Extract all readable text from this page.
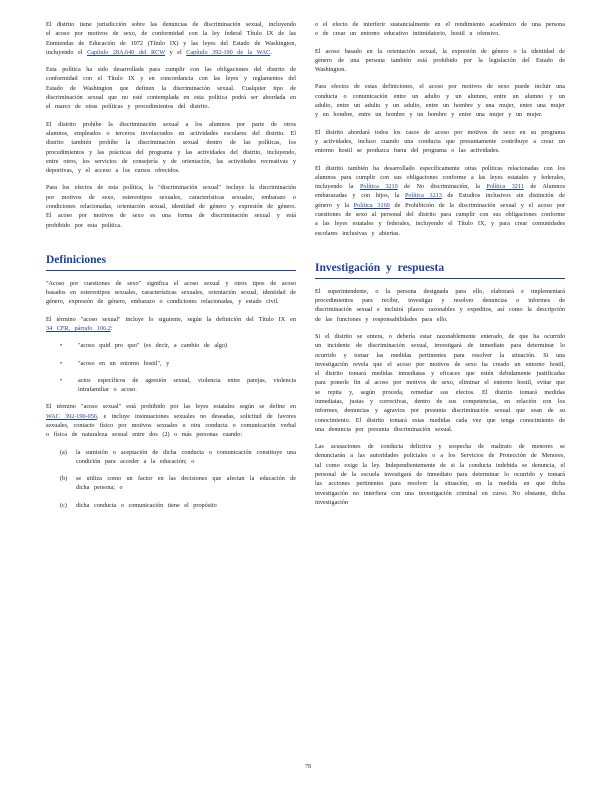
El distrito tiene jurisdicción sobre las denuncias de discriminación sexual, incluyendo el acoso por motivos de sexo, de conformidad con la ley federal Título IX de las Enmiendas de Educación de 1972 (Título IX) y las leyes del Estado de Washington, incluyendo el Capítulo 28A.640 del RCW y el Capítulo 392-190 de la WAC.

Esta política ha sido desarrollada para cumplir con las obligaciones del distrito de conformidad con el Título IX y en concordancia con las leyes y reglamentos del Estado de Washington que definen la discriminación sexual. Cualquier tipo de discriminación sexual que no esté contemplada en esta política podrá ser abordada en el marco de otras políticas y procedimientos del distrito.

El distrito prohíbe la discriminación sexual a los alumnos por parte de otros alumnos, empleados o terceros involucrados en actividades escolares del distrito. El distrito también prohíbe la discriminación sexual dentro de las políticas, los procedimientos y las prácticas del programa y las actividades del distrito, incluyendo, entre otros, los servicios de consejería y de orientación, las actividades recreativas y deportivas, y el acceso a los cursos ofrecidos.

Para los efectos de esta política, la "discriminación sexual" incluye la discriminación por motivos de sexo, estereotipos sexuales, características sexuales, embarazo o condiciones relacionadas, orientación sexual, identidad de género y expresión de género. El acoso por motivos de sexo es una forma de discriminación sexual y está prohibido por esta política.

Definiciones

"Acoso por cuestiones de sexo" significa el acoso sexual y otros tipos de acoso basados en estereotipos sexuales, características sexuales, orientación sexual, identidad de género, expresión de género, embarazo o condiciones relacionadas, y estado civil.

El término "acoso sexual" incluye lo siguiente, según la definición del Título IX en 34 CFR, párrafo 106.2:

•	"acoso quid pro quo" (es decir, a cambio de algo)
•	"acoso en un entorno hostil", y
•	actos específicos de agresión sexual, violencia entre parejas, violencia intrafamiliar o acoso.

El término "acoso sexual" está prohibido por las leyes estatales según se define en WAC 392-190-056, e incluye insinuaciones sexuales no deseadas, solicitud de favores sexuales, contacto físico por motivos sexuales u otra conducta o comunicación verbal o física de naturaleza sexual entre dos (2) o más personas cuando:

(a) la sumisión o aceptación de dicha conducta o comunicación constituye una condición para acceder a la educación; o
(b) se utiliza como un factor en las decisiones que afectan la educación de dicha persona; o
(c) dicha conducta o comunicación tiene el propósito

o el efecto de interferir sustancialmente en el rendimiento académico de una persona o de crear un entorno educativo intimidatorio, hostil u ofensivo.

El acoso basado en la orientación sexual, la expresión de género o la identidad de género de una persona también está prohibido por la legislación del Estado de Washington.

Para efectos de estas definiciones, el acoso por motivos de sexo puede incluir una conducta o comunicación entre un adulto y un alumno, entre un alumno y un adulto, entre un adulto y un adulto, entre un hombre y una mujer, entre una mujer y un hombre, entre un hombre y un hombre y entre una mujer y un mujer.

El distrito abordará todos los casos de acoso por motivos de sexo en su programa y actividades, incluso cuando una conducta que presuntamente contribuye a crear un entorno hostil se produzca fuera del programa o las actividades.

El distrito también ha desarrollado específicamente otras políticas relacionadas con los alumnos para cumplir con sus obligaciones conforme a las leyes estatales y federales, incluyendo la Política 3210 de No discriminación, la Política 3211 de Alumnos embarazadas y con hijos, la Política 3213 de Estudios inclusivos sin distinción de género y la Política 3160 de Prohibición de la discriminación sexual y el acoso por cuestiones de sexo al personal del distrito para cumplir con sus obligaciones conforme a las leyes estatales y federales, incluyendo el Título IX, y para crear comunidades escolares inclusivas y abiertas.

Investigación y respuesta

El superintendente, o la persona designada para ello, elaborará e implementará procedimientos para recibir, investigar y resolver denuncias o informes de discriminación sexual e incluirá plazos razonables y expeditos, así como la descripción de las funciones y responsabilidades para ello.

Si el distrito se entera, o debería estar razonablemente enterado, de que ha ocurrido un incidente de discriminación sexual, investigará de inmediato para determinar lo ocurrido y tomar las medidas pertinentes para resolver la situación. Si una investigación revela que el acoso por motivos de sexo ha creado un entorno hostil, el distrito tomará medidas inmediatas y eficaces que estén debidamente justificadas para ponerle fin al acoso por motivos de sexo, eliminar el entorno hostil, evitar que se repita y, según proceda, remediar sus efectos. El distrito tomará medidas inmediatas, justas y correctivas, dentro de sus competencias, en relación con los informes, denuncias y agravios por presunta discriminación sexual que sean de su conocimiento. El distrito tomará estas medidas cada vez que tenga conocimiento de una denuncia por presunta discriminación sexual.

Las acusaciones de conducta delictiva y sospecha de maltrato de menores se denunciarán a las autoridades policiales o a los Servicios de Protección de Menores, tal como exige la ley. Independientemente de si la conducta indebida se denuncia, el personal de la escuela investigará de inmediato para determinar lo ocurrido y tomará las acciones pertinentes para resolver la situación, en la medida en que dicha investigación no interfiera con una investigación criminal en curso. No obstante, dicha investigación

78
